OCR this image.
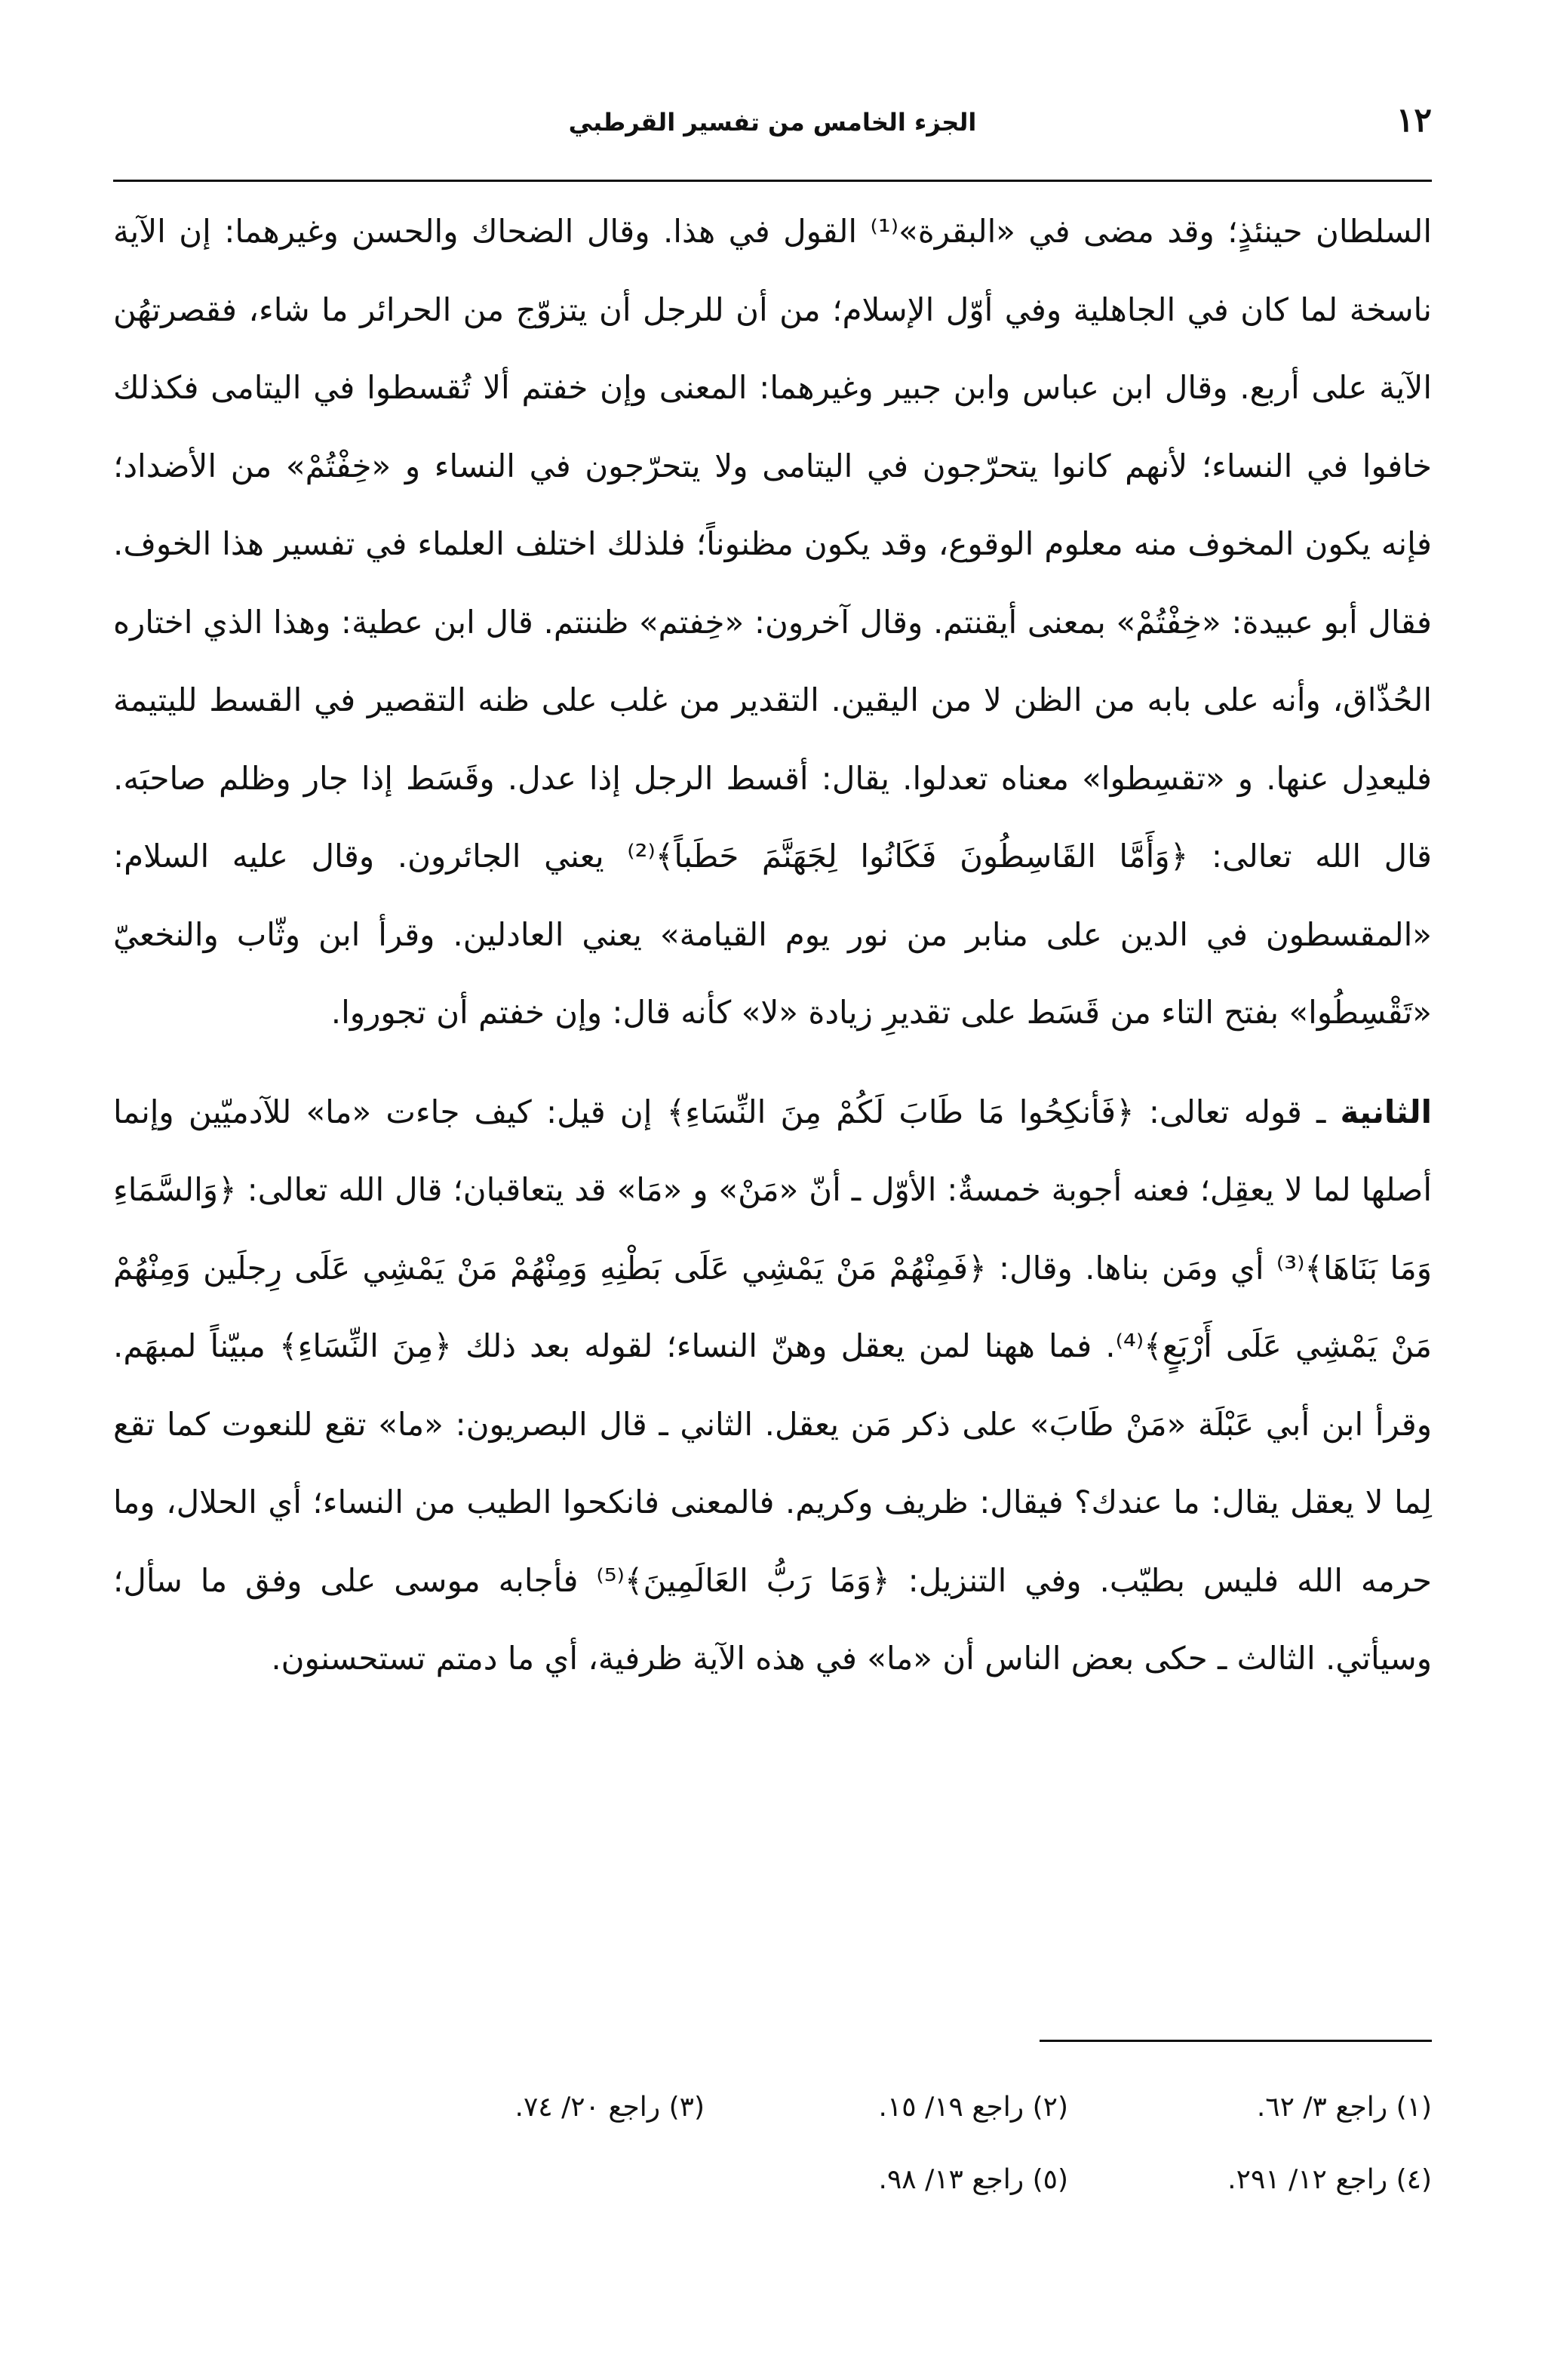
١٢
الجزء الخامس من تفسير القرطبي

السلطان حينئذٍ؛ وقد مضى في «البقرة»⁽¹⁾ القول في هذا. وقال الضحاك والحسن وغيرهما: إن الآية ناسخة لما كان في الجاهلية وفي أوّل الإسلام؛ من أن للرجل أن يتزوّج من الحرائر ما شاء، فقصرتهُن الآية على أربع. وقال ابن عباس وابن جبير وغيرهما: المعنى وإن خفتم ألا تُقسطوا في اليتامى فكذلك خافوا في النساء؛ لأنهم كانوا يتحرّجون في اليتامى ولا يتحرّجون في النساء و «خِفْتُمْ» من الأضداد؛ فإنه يكون المخوف منه معلوم الوقوع، وقد يكون مظنوناً؛ فلذلك اختلف العلماء في تفسير هذا الخوف. فقال أبو عبيدة: «خِفْتُمْ» بمعنى أيقنتم. وقال آخرون: «خِفتم» ظننتم. قال ابن عطية: وهذا الذي اختاره الحُذّاق، وأنه على بابه من الظن لا من اليقين. التقدير من غلب على ظنه التقصير في القسط لليتيمة فليعدِل عنها. و «تقسِطوا» معناه تعدلوا. يقال: أقسط الرجل إذا عدل. وقَسَط إذا جار وظلم صاحبَه. قال الله تعالى: ﴿وَأَمَّا القَاسِطُونَ فَكَانُوا لِجَهَنَّمَ حَطَباً﴾⁽²⁾ يعني الجائرون. وقال عليه السلام: «المقسطون في الدين على منابر من نور يوم القيامة» يعني العادلين. وقرأ ابن وثّاب والنخعيّ «تَقْسِطُوا» بفتح التاء من قَسَط على تقديرِ زيادة «لا» كأنه قال: وإن خفتم أن تجوروا.

الثانية ـ قوله تعالى: ﴿فَأنكِحُوا مَا طَابَ لَكُمْ مِنَ النِّسَاءِ﴾ إن قيل: كيف جاءت «ما» للآدميّين وإنما أصلها لما لا يعقِل؛ فعنه أجوبة خمسةٌ: الأوّل ـ أنّ «مَنْ» و «مَا» قد يتعاقبان؛ قال الله تعالى: ﴿وَالسَّمَاءِ وَمَا بَنَاهَا﴾⁽³⁾ أي ومَن بناها. وقال: ﴿فَمِنْهُمْ مَنْ يَمْشِي عَلَى بَطْنِهِ وَمِنْهُمْ مَنْ يَمْشِي عَلَى رِجلَين وَمِنْهُمْ مَنْ يَمْشِي عَلَى أَرْبَعٍ﴾⁽⁴⁾. فما ههنا لمن يعقل وهنّ النساء؛ لقوله بعد ذلك ﴿مِنَ النِّسَاءِ﴾ مبيّناً لمبهَم. وقرأ ابن أبي عَبْلَة «مَنْ طَابَ» على ذكر مَن يعقل. الثاني ـ قال البصريون: «ما» تقع للنعوت كما تقع لِما لا يعقل يقال: ما عندك؟ فيقال: ظريف وكريم. فالمعنى فانكحوا الطيب من النساء؛ أي الحلال، وما حرمه الله فليس بطيّب. وفي التنزيل: ﴿وَمَا رَبُّ العَالَمِينَ﴾⁽⁵⁾ فأجابه موسى على وفق ما سأل؛ وسيأتي. الثالث ـ حكى بعض الناس أن «ما» في هذه الآية ظرفية، أي ما دمتم تستحسنون.

(١) راجع ٣/ ٦٢.
(٢) راجع ١٩/ ١٥.
(٣) راجع ٢٠/ ٧٤.
(٤) راجع ١٢/ ٢٩١.
(٥) راجع ١٣/ ٩٨.
